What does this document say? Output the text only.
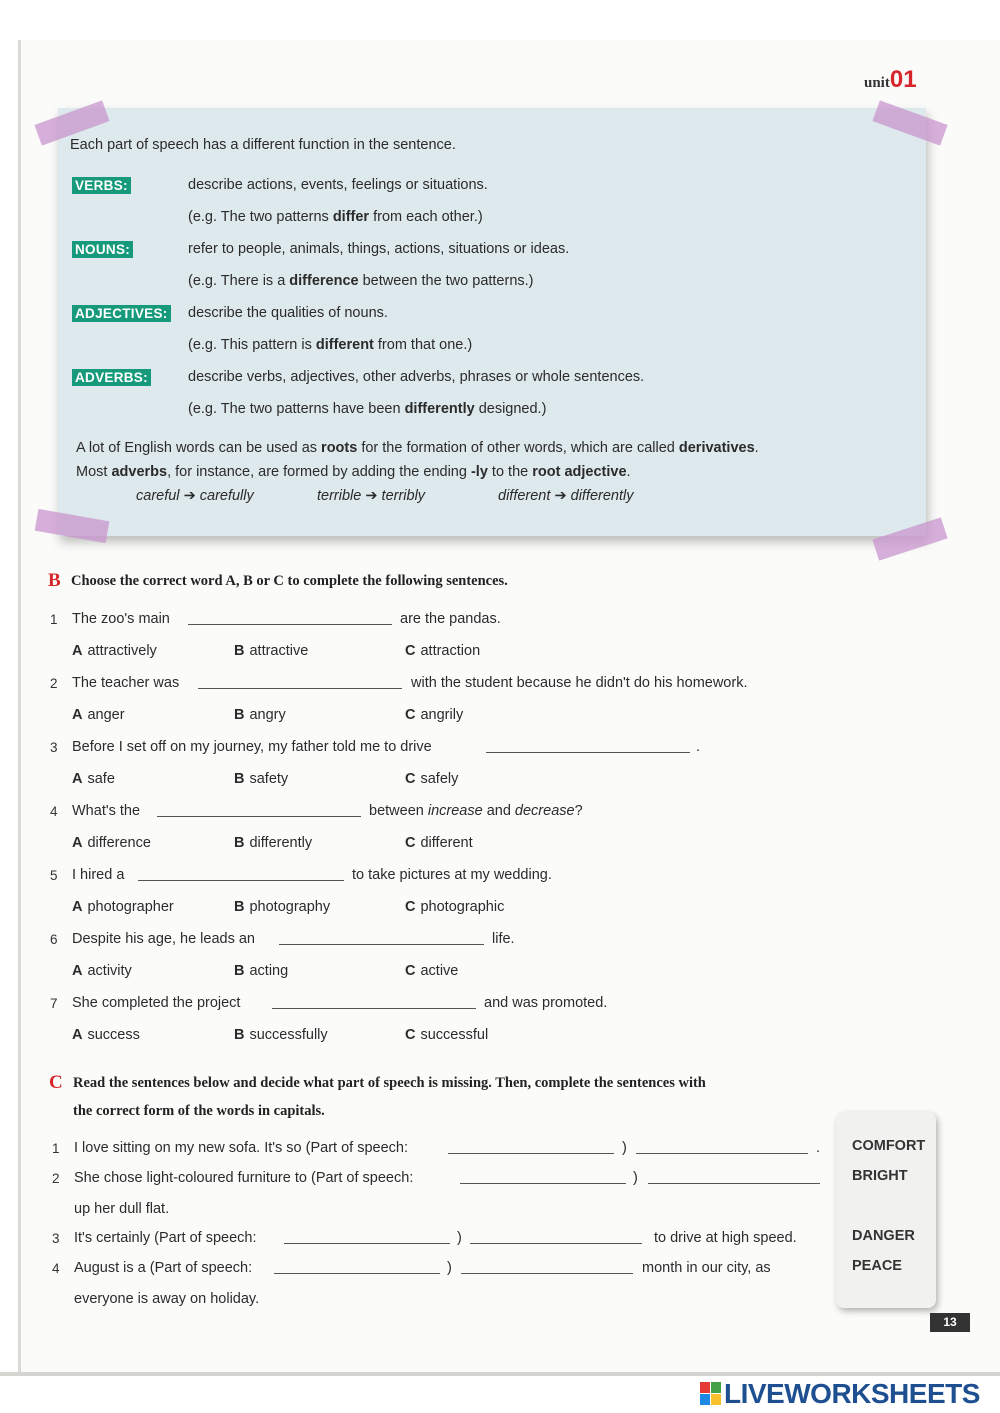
unit01
Each part of speech has a different function in the sentence.
VERBS:	describe actions, events, feelings or situations.
(e.g. The two patterns differ from each other.)
NOUNS:	refer to people, animals, things, actions, situations or ideas.
(e.g. There is a difference between the two patterns.)
ADJECTIVES: describe the qualities of nouns.
(e.g. This pattern is different from that one.)
ADVERBS:	describe verbs, adjectives, other adverbs, phrases or whole sentences.
(e.g. The two patterns have been differently designed.)
A lot of English words can be used as roots for the formation of other words, which are called derivatives.
Most adverbs, for instance, are formed by adding the ending -ly to the root adjective.
careful ➔ carefully	terrible ➔ terribly	different ➔ differently
B Choose the correct word A, B or C to complete the following sentences.
1 The zoo's main	are the pandas.
A attractively	B attractive	C attraction
2 The teacher was	with the student because he didn't do his homework.
A anger	B angry	C angrily
3 Before I set off on my journey, my father told me to drive	.
A safe	B safety	C safely
4 What's the	between increase and decrease?
A difference	B differently	C different
5 I hired a	to take pictures at my wedding.
A photographer	B photography	C photographic
6 Despite his age, he leads an	life.
A activity	B acting	C active
7 She completed the project	and was promoted.
A success	B successfully	C successful
C Read the sentences below and decide what part of speech is missing. Then, complete the sentences with
the correct form of the words in capitals.
1 I love sitting on my new sofa. It's so (Part of speech:	)	.
2 She chose light-coloured furniture to (Part of speech:	)
up her dull flat.
3 It's certainly (Part of speech:	)	to drive at high speed.
4 August is a (Part of speech:	)	month in our city, as
everyone is away on holiday.
COMFORT
BRIGHT
DANGER
PEACE
13
LIVEWORKSHEETS
